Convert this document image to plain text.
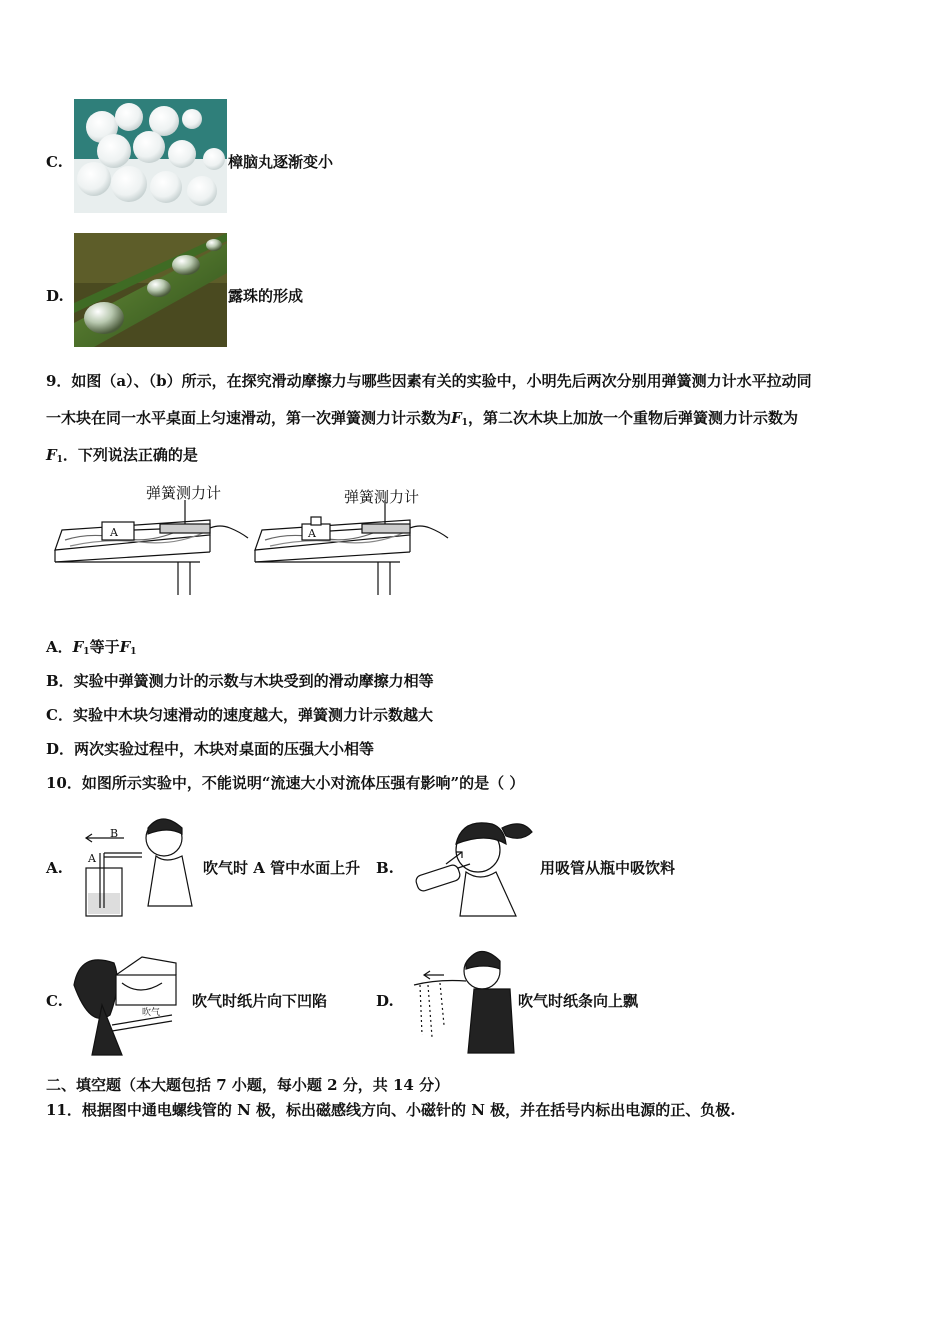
C.	樟脑丸逐渐变小
D.	露珠的形成
9．如图（a）、（b）所示，在探究滑动摩擦力与哪些因素有关的实验中，小明先后两次分别用弹簧测力计水平拉动同
一木块在同一水平桌面上匀速滑动，第一次弹簧测力计示数为$F_1$，第二次木块上加放一个重物后弹簧测力计示数为
$F_1$．下列说法正确的是
弹簧测力计	弹簧测力计
A	A
A．$F_1$等于$F_1$
B．实验中弹簧测力计的示数与木块受到的滑动摩擦力相等
C．实验中木块匀速滑动的速度越大，弹簧测力计示数越大
D．两次实验过程中，木块对桌面的压强大小相等
10．如图所示实验中，不能说明“流速大小对流体压强有影响”的是（ ）
A.
B
A
吹气时 A 管中水面上升 B.	用吸管从瓶中吸饮料
C.
吹气
吹气时纸片向下凹陷	D.	吹气时纸条向上飘
二、填空题（本大题包括 7 小题，每小题 2 分，共 14 分）
11．根据图中通电螺线管的 N 极，标出磁感线方向、小磁针的 N 极，并在括号内标出电源的正、负极.
